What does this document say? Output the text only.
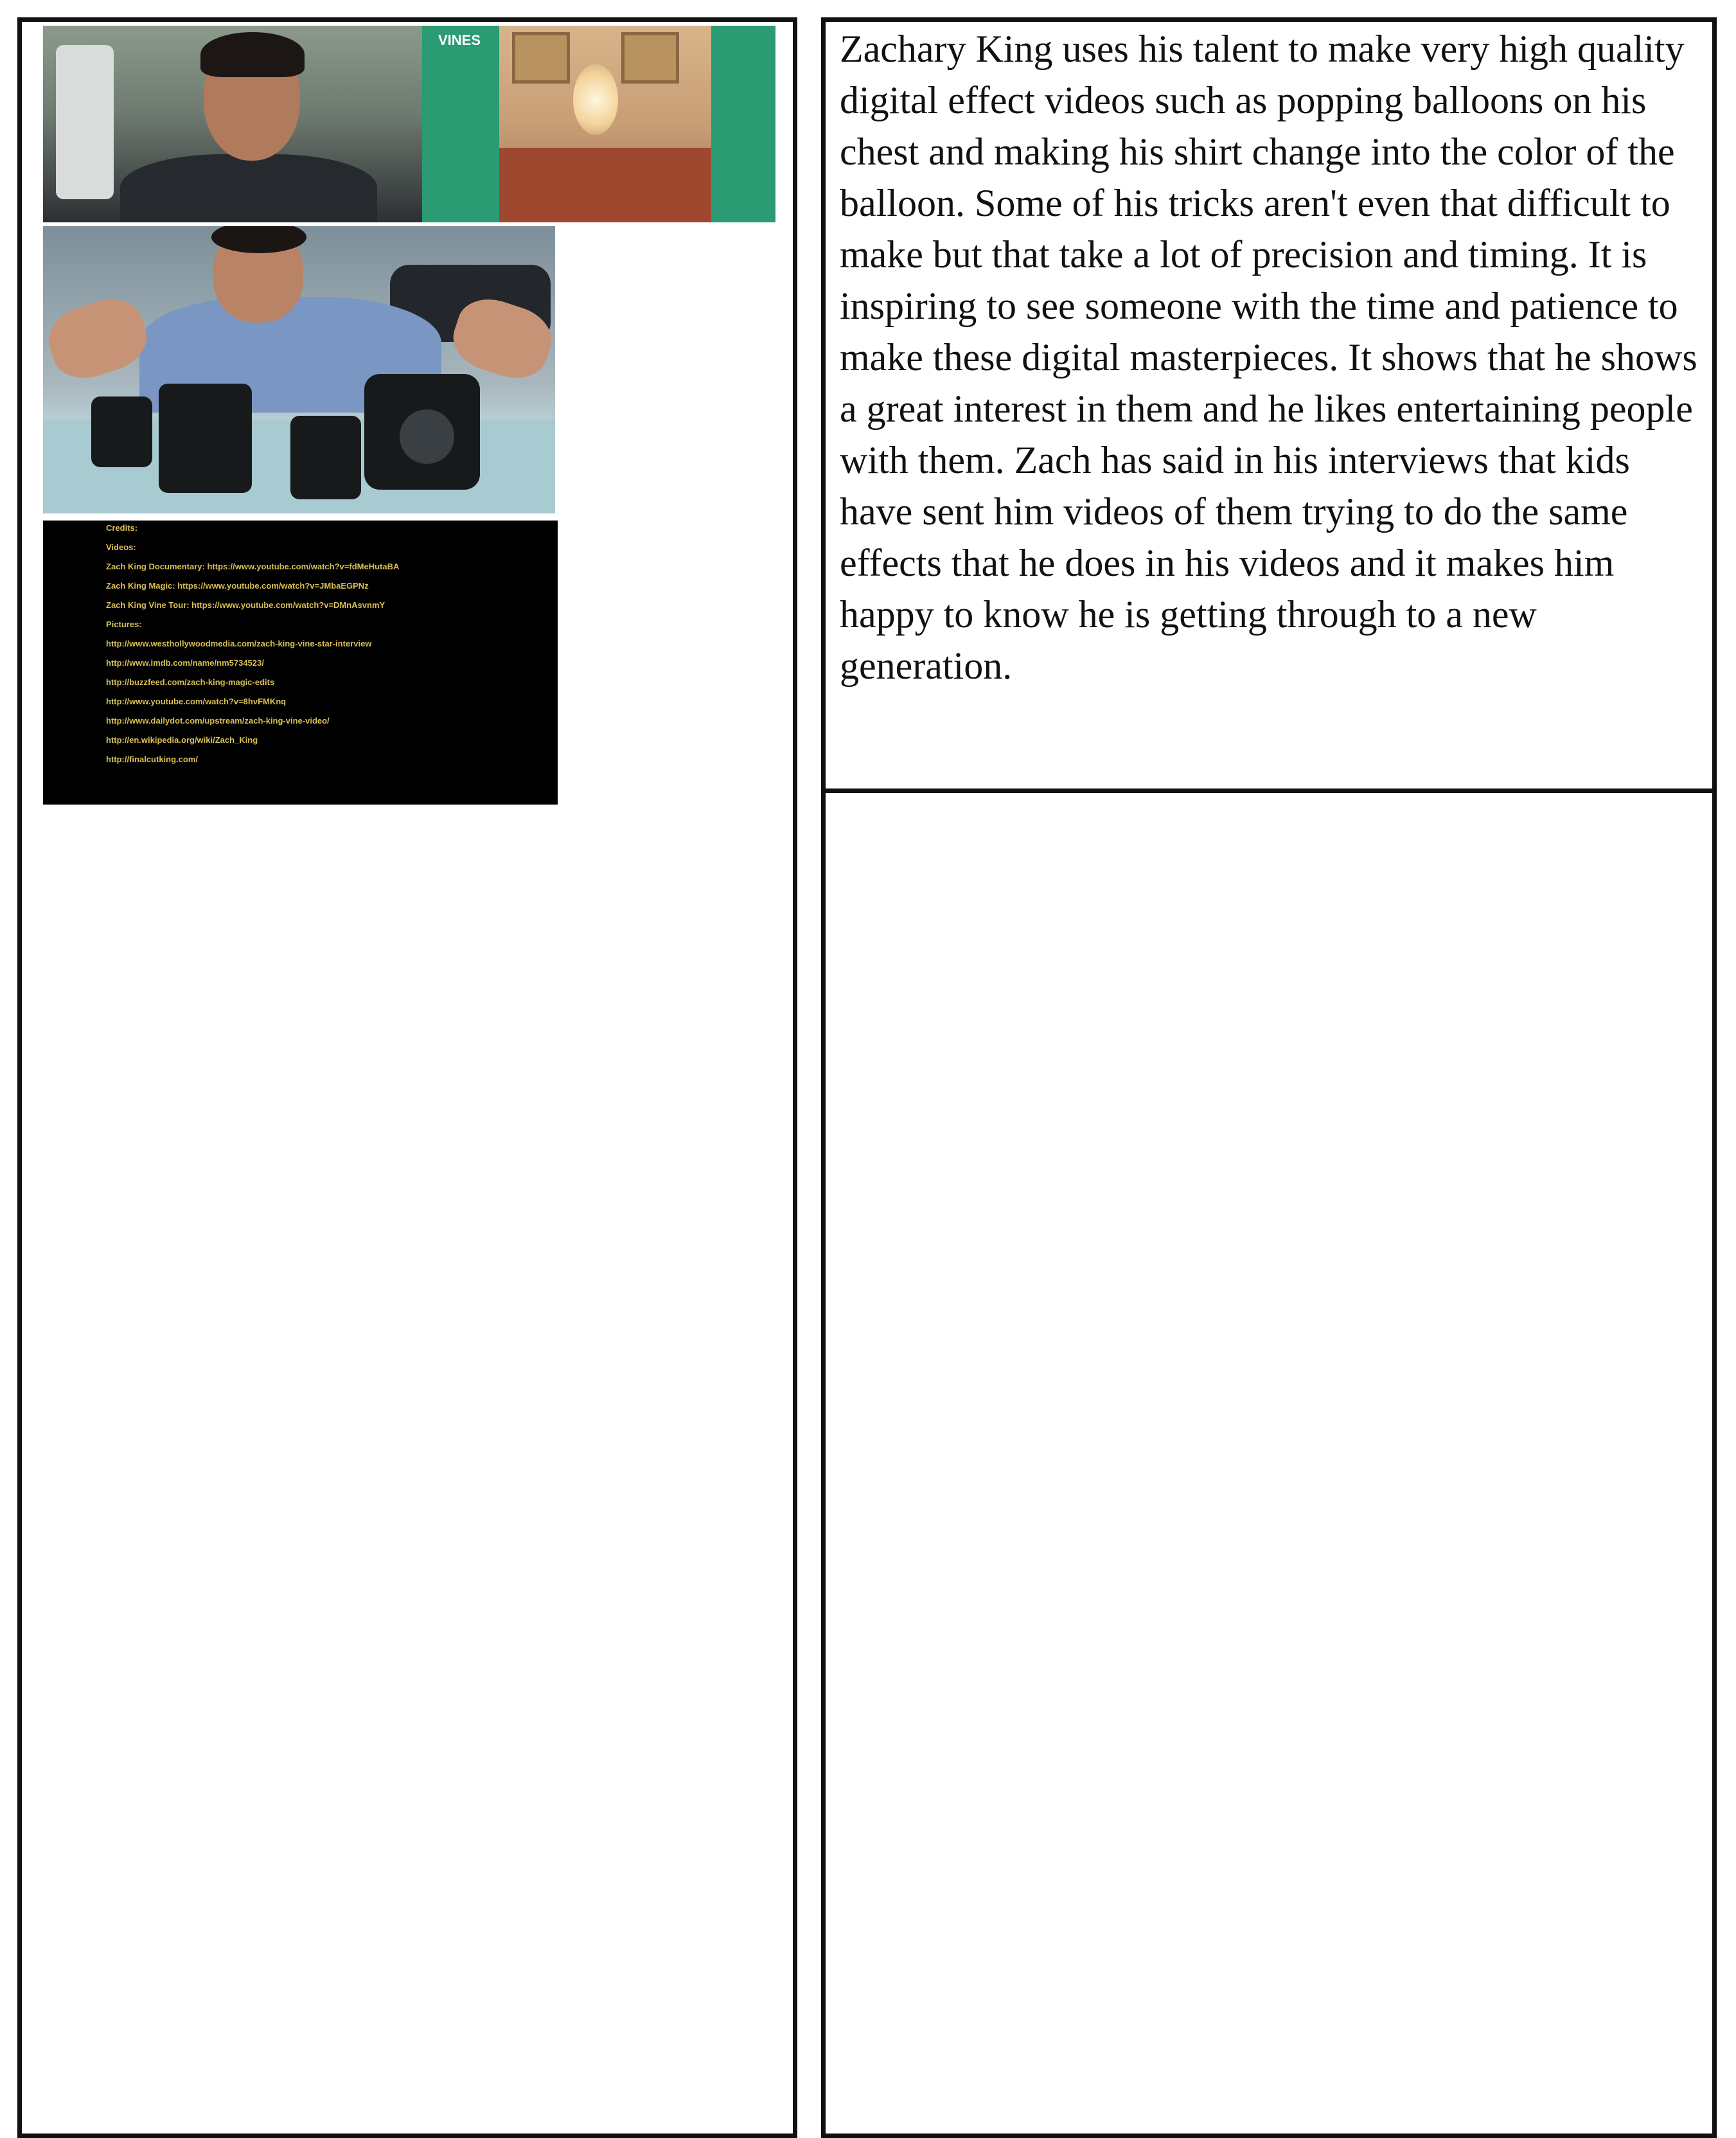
VINES
Credits:
Videos:
Zach King Documentary: https://www.youtube.com/watch?v=fdMeHutaBA
Zach King Magic: https://www.youtube.com/watch?v=JMbaEGPNz
Zach King Vine Tour: https://www.youtube.com/watch?v=DMnAsvnmY
Pictures:
http://www.westhollywoodmedia.com/zach-king-vine-star-interview
http://www.imdb.com/name/nm5734523/
http://buzzfeed.com/zach-king-magic-edits
http://www.youtube.com/watch?v=8hvFMKnq
http://www.dailydot.com/upstream/zach-king-vine-video/
http://en.wikipedia.org/wiki/Zach_King
http://finalcutking.com/

Zachary King uses his talent to make very high quality digital effect videos such as popping balloons on his chest and making his shirt change into the color of the balloon. Some of his tricks aren't even that difficult to make but that take a lot of precision and timing. It is inspiring to see someone with the time and patience to make these digital masterpieces. It shows that he shows a great interest in them and he likes entertaining people with them. Zach has said in his interviews that kids have sent him videos of them trying to do the same effects that he does in his videos and it makes him happy to know he is getting through to a new generation.
